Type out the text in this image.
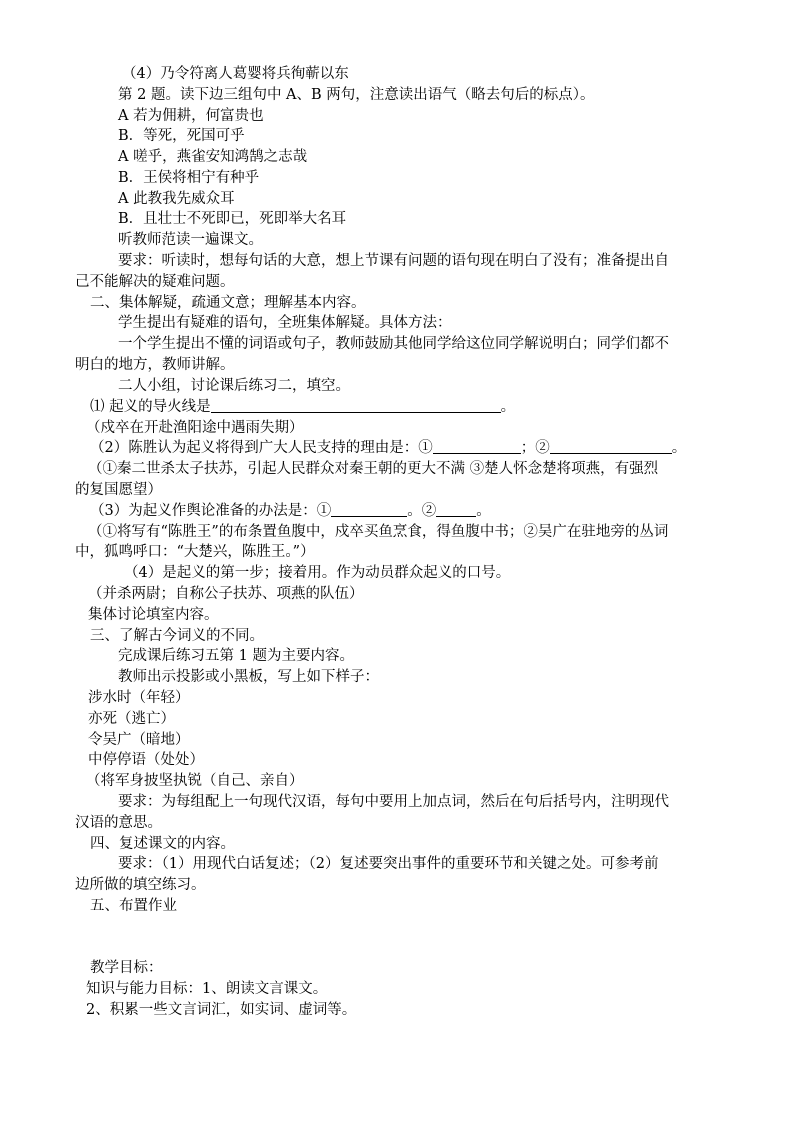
（4）乃令符离人葛婴将兵徇蕲以东
第 2 题。读下边三组句中 A、B 两句，注意读出语气（略去句后的标点）。
A 若为佣耕，何富贵也
B．等死，死国可乎
A 嗟乎，燕雀安知鸿鹄之志哉
B．王侯将相宁有种乎
A 此教我先威众耳
B．且壮士不死即已，死即举大名耳
听教师范读一遍课文。
要求：听读时，想每句话的大意，想上节课有问题的语句现在明白了没有；准备提出自
己不能解决的疑难问题。
二、集体解疑，疏通文意；理解基本内容。
学生提出有疑难的语句，全班集体解疑。具体方法：
一个学生提出不懂的词语或句子，教师鼓励其他同学给这位同学解说明白；同学们都不
明白的地方，教师讲解。
二人小组，讨论课后练习二，填空。
⑴ 起义的导火线是	。
（戍卒在开赴渔阳途中遇雨失期）
（2）陈胜认为起义将得到广大人民支持的理由是：①	；②	。
（①秦二世杀太子扶苏，引起人民群众对秦王朝的更大不满 ③楚人怀念楚将项燕，有强烈
的复国愿望）
（3）为起义作舆论准备的办法是：①	。②	。
（①将写有“陈胜王”的布条置鱼腹中，戍卒买鱼烹食，得鱼腹中书；②吴广在驻地旁的丛词
中，狐鸣呼口：“大楚兴，陈胜王。”）
（4）是起义的第一步；接着用。作为动员群众起义的口号。
（并杀两尉；自称公子扶苏、项燕的队伍）
集体讨论填室内容。
三、了解古今词义的不同。
完成课后练习五第 1 题为主要内容。
教师出示投影或小黑板，写上如下样子：
涉水时（年轻）
亦死（逃亡）
令吴广（暗地）
中停停语（处处）
（将军身披坚执锐（自己、亲自）
要求：为每组配上一句现代汉语，每句中要用上加点词，然后在句后括号内，注明现代
汉语的意思。
四、复述课文的内容。
要求：（1）用现代白话复述；（2）复述要突出事件的重要环节和关键之处。可参考前
边所做的填空练习。
五、布置作业
教学目标：
知识与能力目标：1、朗读文言课文。
2、积累一些文言词汇，如实词、虚词等。
